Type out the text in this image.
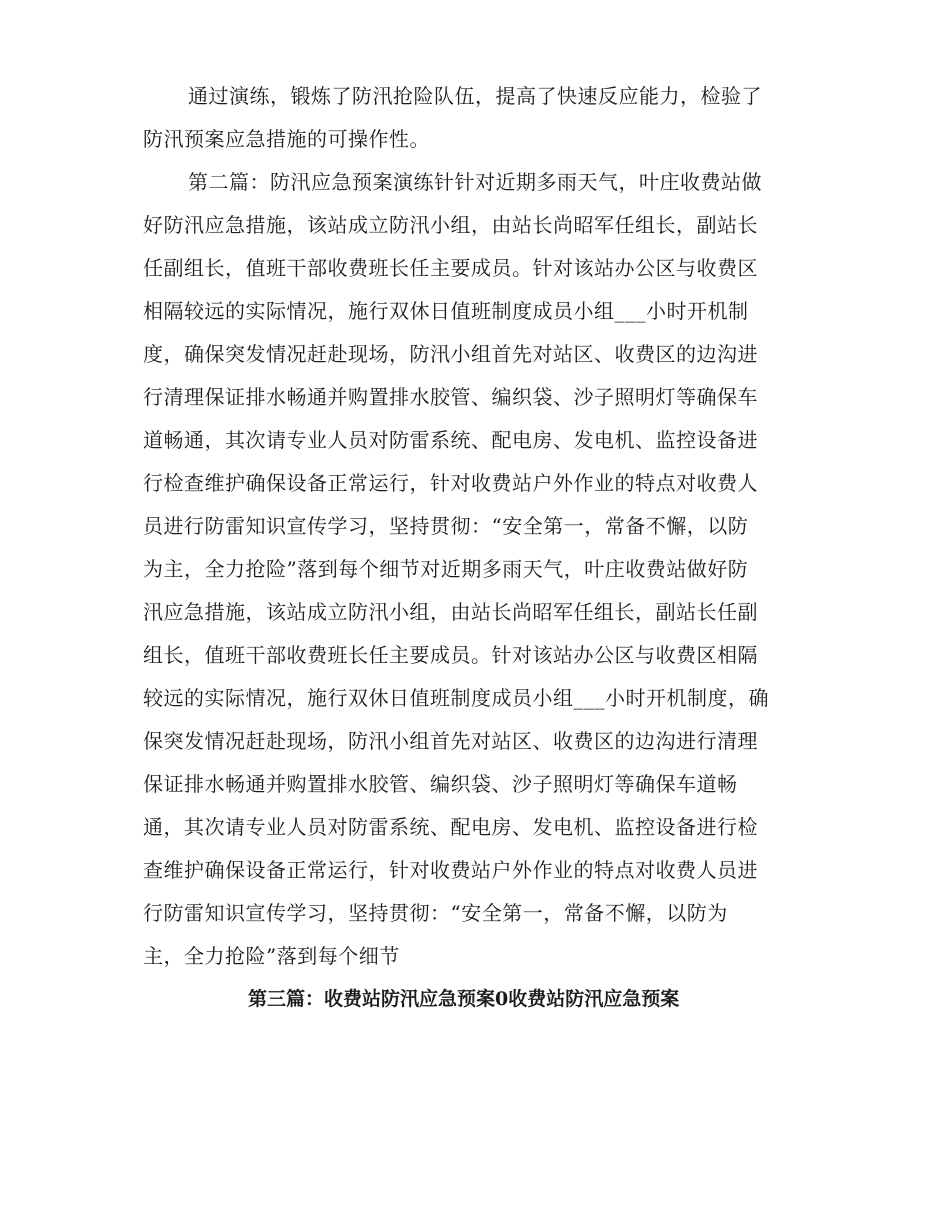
通过演练，锻炼了防汛抢险队伍，提高了快速反应能力，检验了
防汛预案应急措施的可操作性。
第二篇：防汛应急预案演练针针对近期多雨天气，叶庄收费站做
好防汛应急措施，该站成立防汛小组，由站长尚昭军任组长，副站长
任副组长，值班干部收费班长任主要成员。针对该站办公区与收费区
相隔较远的实际情况，施行双休日值班制度成员小组___小时开机制
度，确保突发情况赶赴现场，防汛小组首先对站区、收费区的边沟进
行清理保证排水畅通并购置排水胶管、编织袋、沙子照明灯等确保车
道畅通，其次请专业人员对防雷系统、配电房、发电机、监控设备进
行检查维护确保设备正常运行，针对收费站户外作业的特点对收费人
员进行防雷知识宣传学习，坚持贯彻：“安全第一，常备不懈，以防
为主，全力抢险”落到每个细节对近期多雨天气，叶庄收费站做好防
汛应急措施，该站成立防汛小组，由站长尚昭军任组长，副站长任副
组长，值班干部收费班长任主要成员。针对该站办公区与收费区相隔
较远的实际情况，施行双休日值班制度成员小组___小时开机制度，确
保突发情况赶赴现场，防汛小组首先对站区、收费区的边沟进行清理
保证排水畅通并购置排水胶管、编织袋、沙子照明灯等确保车道畅
通，其次请专业人员对防雷系统、配电房、发电机、监控设备进行检
查维护确保设备正常运行，针对收费站户外作业的特点对收费人员进
行防雷知识宣传学习，坚持贯彻：“安全第一，常备不懈，以防为
主，全力抢险”落到每个细节
第三篇：收费站防汛应急预案0收费站防汛应急预案
